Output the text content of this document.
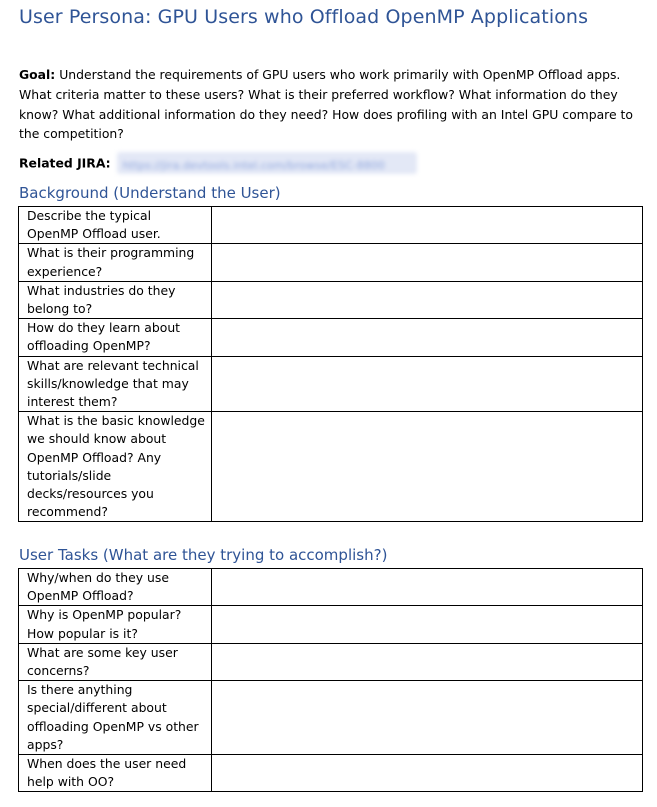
User Persona: GPU Users who Offload OpenMP Applications

Goal: Understand the requirements of GPU users who work primarily with OpenMP Offload apps. What criteria matter to these users? What is their preferred workflow? What information do they know? What additional information do they need? How does profiling with an Intel GPU compare to the competition?

Related JIRA: https://jira.devtools.intel.com/browse/ESC-8800

Background (Understand the User)
Describe the typical OpenMP Offload user.	
What is their programming experience?	
What industries do they belong to?	
How do they learn about offloading OpenMP?	
What are relevant technical skills/knowledge that may interest them?	
What is the basic knowledge we should know about OpenMP Offload? Any tutorials/slide decks/resources you recommend?	
User Tasks (What are they trying to accomplish?)
Why/when do they use OpenMP Offload?	
Why is OpenMP popular? How popular is it?	
What are some key user concerns?	
Is there anything special/different about offloading OpenMP vs other apps?	
When does the user need help with OO?	
